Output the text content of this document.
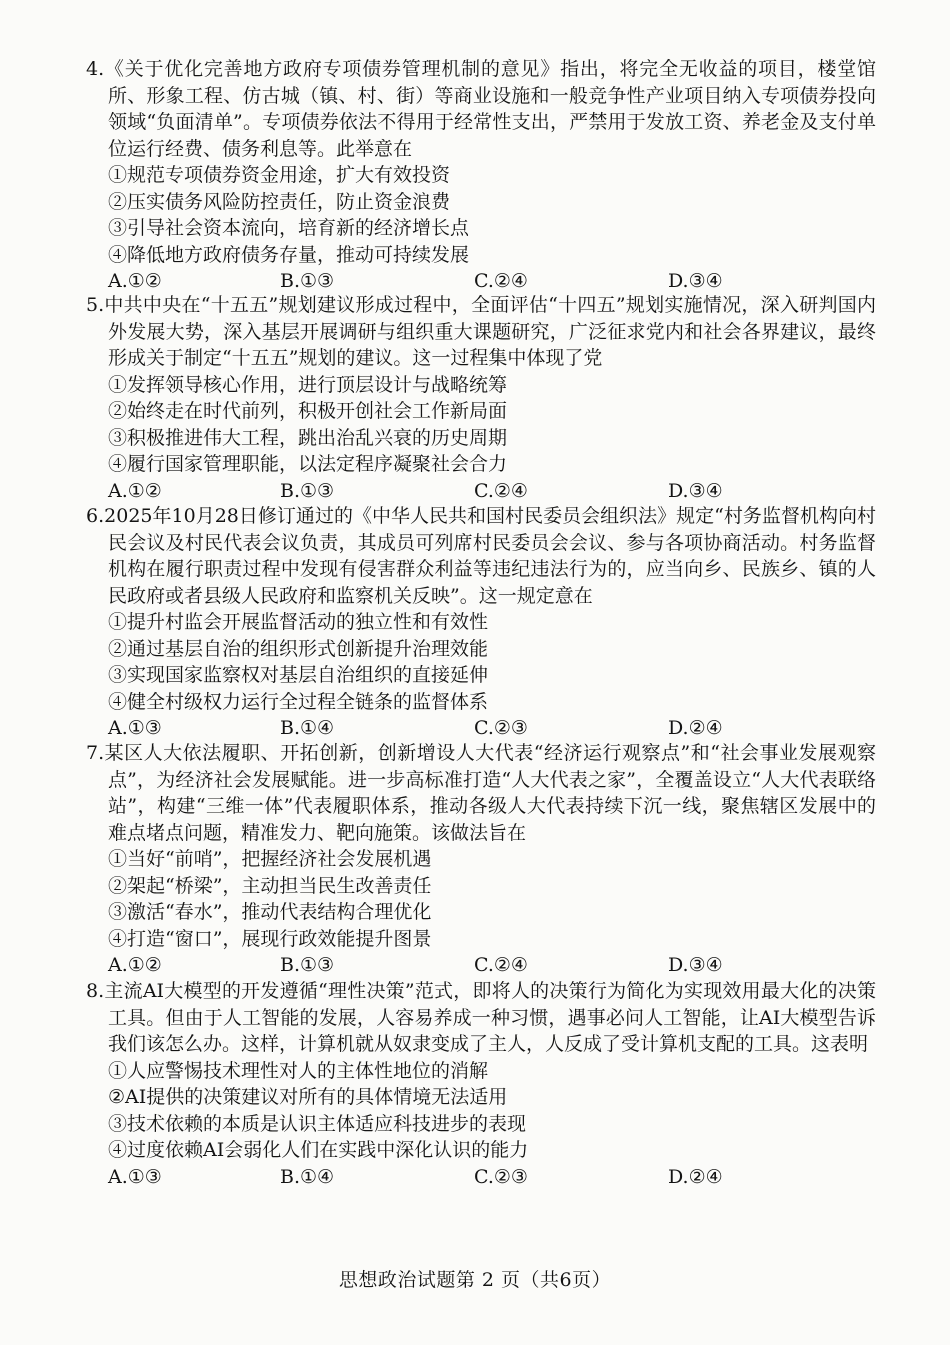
4.《关于优化完善地方政府专项债券管理机制的意见》指出，将完全无收益的项目，楼堂馆所、形象工程、仿古城（镇、村、街）等商业设施和一般竞争性产业项目纳入专项债券投向领域“负面清单”。专项债券依法不得用于经常性支出，严禁用于发放工资、养老金及支付单位运行经费、债务利息等。此举意在

①规范专项债券资金用途，扩大有效投资
②压实债务风险防控责任，防止资金浪费
③引导社会资本流向，培育新的经济增长点
④降低地方政府债务存量，推动可持续发展
A.①②	B.①③	C.②④	D.③④

5.中共中央在“十五五”规划建议形成过程中，全面评估“十四五”规划实施情况，深入研判国内外发展大势，深入基层开展调研与组织重大课题研究，广泛征求党内和社会各界建议，最终形成关于制定“十五五”规划的建议。这一过程集中体现了党

①发挥领导核心作用，进行顶层设计与战略统筹
②始终走在时代前列，积极开创社会工作新局面
③积极推进伟大工程，跳出治乱兴衰的历史周期
④履行国家管理职能，以法定程序凝聚社会合力
A.①②	B.①③	C.②④	D.③④

6.2025年10月28日修订通过的《中华人民共和国村民委员会组织法》规定“村务监督机构向村民会议及村民代表会议负责，其成员可列席村民委员会会议、参与各项协商活动。村务监督机构在履行职责过程中发现有侵害群众利益等违纪违法行为的，应当向乡、民族乡、镇的人民政府或者县级人民政府和监察机关反映”。这一规定意在

①提升村监会开展监督活动的独立性和有效性
②通过基层自治的组织形式创新提升治理效能
③实现国家监察权对基层自治组织的直接延伸
④健全村级权力运行全过程全链条的监督体系
A.①③	B.①④	C.②③	D.②④

7.某区人大依法履职、开拓创新，创新增设人大代表“经济运行观察点”和“社会事业发展观察点”，为经济社会发展赋能。进一步高标准打造“人大代表之家”，全覆盖设立“人大代表联络站”，构建“三维一体”代表履职体系，推动各级人大代表持续下沉一线，聚焦辖区发展中的难点堵点问题，精准发力、靶向施策。该做法旨在

①当好“前哨”，把握经济社会发展机遇
②架起“桥梁”，主动担当民生改善责任
③激活“春水”，推动代表结构合理优化
④打造“窗口”，展现行政效能提升图景
A.①②	B.①③	C.②④	D.③④

8.主流AI大模型的开发遵循“理性决策”范式，即将人的决策行为简化为实现效用最大化的决策工具。但由于人工智能的发展，人容易养成一种习惯，遇事必问人工智能，让AI大模型告诉我们该怎么办。这样，计算机就从奴隶变成了主人，人反成了受计算机支配的工具。这表明

①人应警惕技术理性对人的主体性地位的消解
②AI提供的决策建议对所有的具体情境无法适用
③技术依赖的本质是认识主体适应科技进步的表现
④过度依赖AI会弱化人们在实践中深化认识的能力
A.①③	B.①④	C.②③	D.②④
思想政治试题第 2 页（共6页）
